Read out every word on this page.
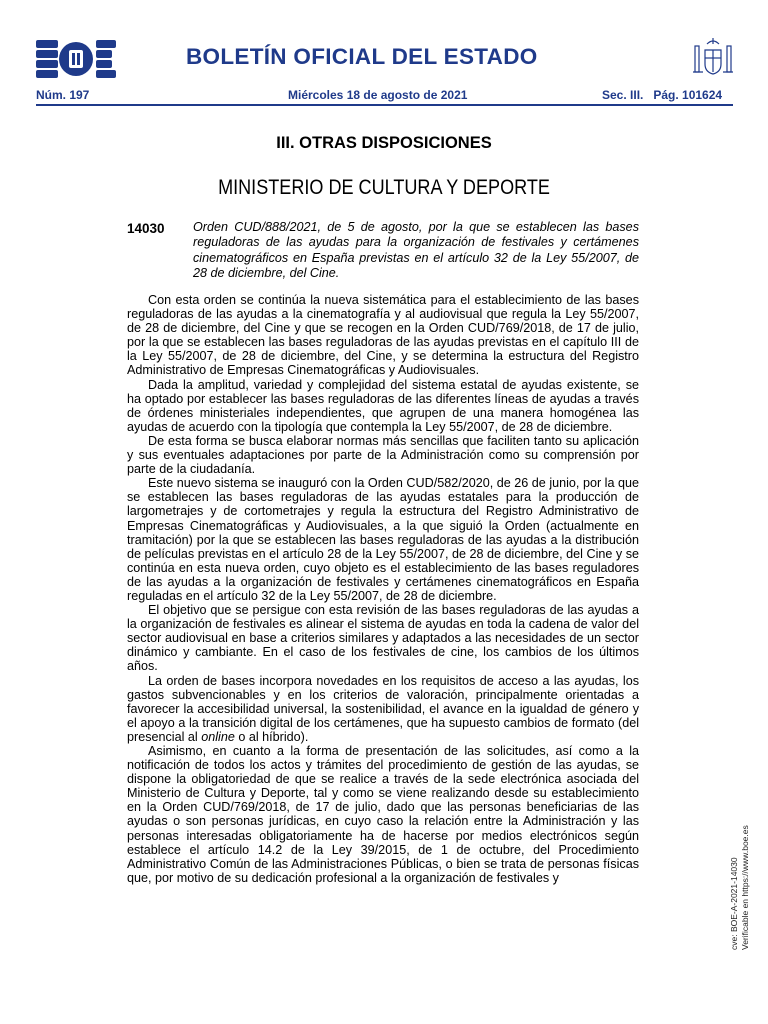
BOLETÍN OFICIAL DEL ESTADO
Núm. 197	Miércoles 18 de agosto de 2021	Sec. III.   Pág. 101624
III. OTRAS DISPOSICIONES
MINISTERIO DE CULTURA Y DEPORTE
14030 Orden CUD/888/2021, de 5 de agosto, por la que se establecen las bases reguladoras de las ayudas para la organización de festivales y certámenes cinematográficos en España previstas en el artículo 32 de la Ley 55/2007, de 28 de diciembre, del Cine.

Con esta orden se continúa la nueva sistemática para el establecimiento de las bases reguladoras de las ayudas a la cinematografía y al audiovisual que regula la Ley 55/2007, de 28 de diciembre, del Cine y que se recogen en la Orden CUD/769/2018, de 17 de julio, por la que se establecen las bases reguladoras de las ayudas previstas en el capítulo III de la Ley 55/2007, de 28 de diciembre, del Cine, y se determina la estructura del Registro Administrativo de Empresas Cinematográficas y Audiovisuales.

Dada la amplitud, variedad y complejidad del sistema estatal de ayudas existente, se ha optado por establecer las bases reguladoras de las diferentes líneas de ayudas a través de órdenes ministeriales independientes, que agrupen de una manera homogénea las ayudas de acuerdo con la tipología que contempla la Ley 55/2007, de 28 de diciembre.

De esta forma se busca elaborar normas más sencillas que faciliten tanto su aplicación y sus eventuales adaptaciones por parte de la Administración como su comprensión por parte de la ciudadanía.

Este nuevo sistema se inauguró con la Orden CUD/582/2020, de 26 de junio, por la que se establecen las bases reguladoras de las ayudas estatales para la producción de largometrajes y de cortometrajes y regula la estructura del Registro Administrativo de Empresas Cinematográficas y Audiovisuales, a la que siguió la Orden (actualmente en tramitación) por la que se establecen las bases reguladoras de las ayudas a la distribución de películas previstas en el artículo 28 de la Ley 55/2007, de 28 de diciembre, del Cine y se continúa en esta nueva orden, cuyo objeto es el establecimiento de las bases reguladores de las ayudas a la organización de festivales y certámenes cinematográficos en España reguladas en el artículo 32 de la Ley 55/2007, de 28 de diciembre.

El objetivo que se persigue con esta revisión de las bases reguladoras de las ayudas a la organización de festivales es alinear el sistema de ayudas en toda la cadena de valor del sector audiovisual en base a criterios similares y adaptados a las necesidades de un sector dinámico y cambiante. En el caso de los festivales de cine, los cambios de los últimos años.

La orden de bases incorpora novedades en los requisitos de acceso a las ayudas, los gastos subvencionables y en los criterios de valoración, principalmente orientadas a favorecer la accesibilidad universal, la sostenibilidad, el avance en la igualdad de género y el apoyo a la transición digital de los certámenes, que ha supuesto cambios de formato (del presencial al online o al híbrido).

Asimismo, en cuanto a la forma de presentación de las solicitudes, así como a la notificación de todos los actos y trámites del procedimiento de gestión de las ayudas, se dispone la obligatoriedad de que se realice a través de la sede electrónica asociada del Ministerio de Cultura y Deporte, tal y como se viene realizando desde su establecimiento en la Orden CUD/769/2018, de 17 de julio, dado que las personas beneficiarias de las ayudas o son personas jurídicas, en cuyo caso la relación entre la Administración y las personas interesadas obligatoriamente ha de hacerse por medios electrónicos según establece el artículo 14.2 de la Ley 39/2015, de 1 de octubre, del Procedimiento Administrativo Común de las Administraciones Públicas, o bien se trata de personas físicas que, por motivo de su dedicación profesional a la organización de festivales y	cve: BOE-A-2021-14030 Verificable en https://www.boe.es
